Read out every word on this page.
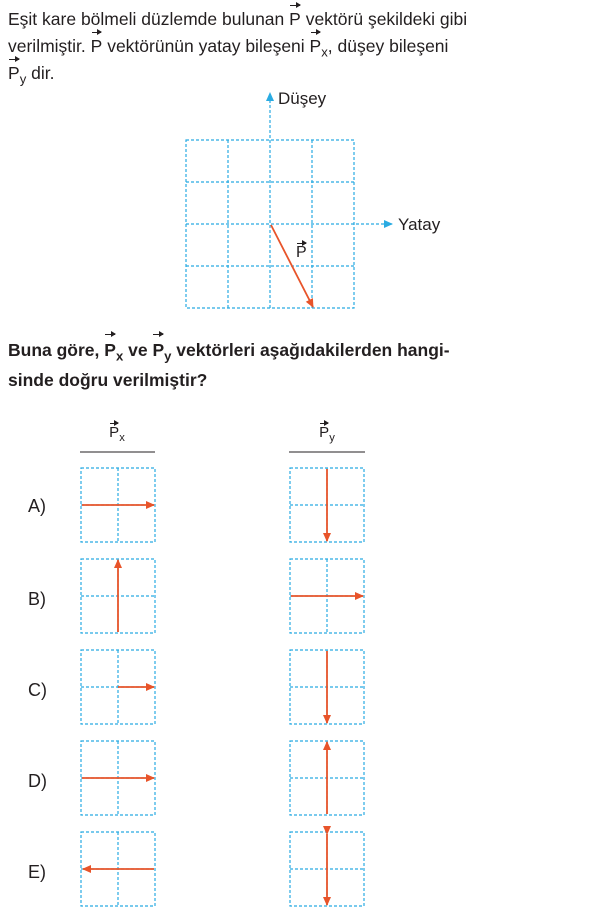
Eşit kare bölmeli düzlemde bulunan P vektörü şekildeki gibi
verilmiştir. P vektörünün yatay bileşeni $P_x$, düşey bileşeni
$P_y$ dir.
Düşey
Yatay
P
Buna göre, $P_x$ ve $P_y$ vektörleri aşağıdakilerden hangi-
sinde doğru verilmiştir?
$P_x$	$P_y$
A)
B)
C)
D)
E)
